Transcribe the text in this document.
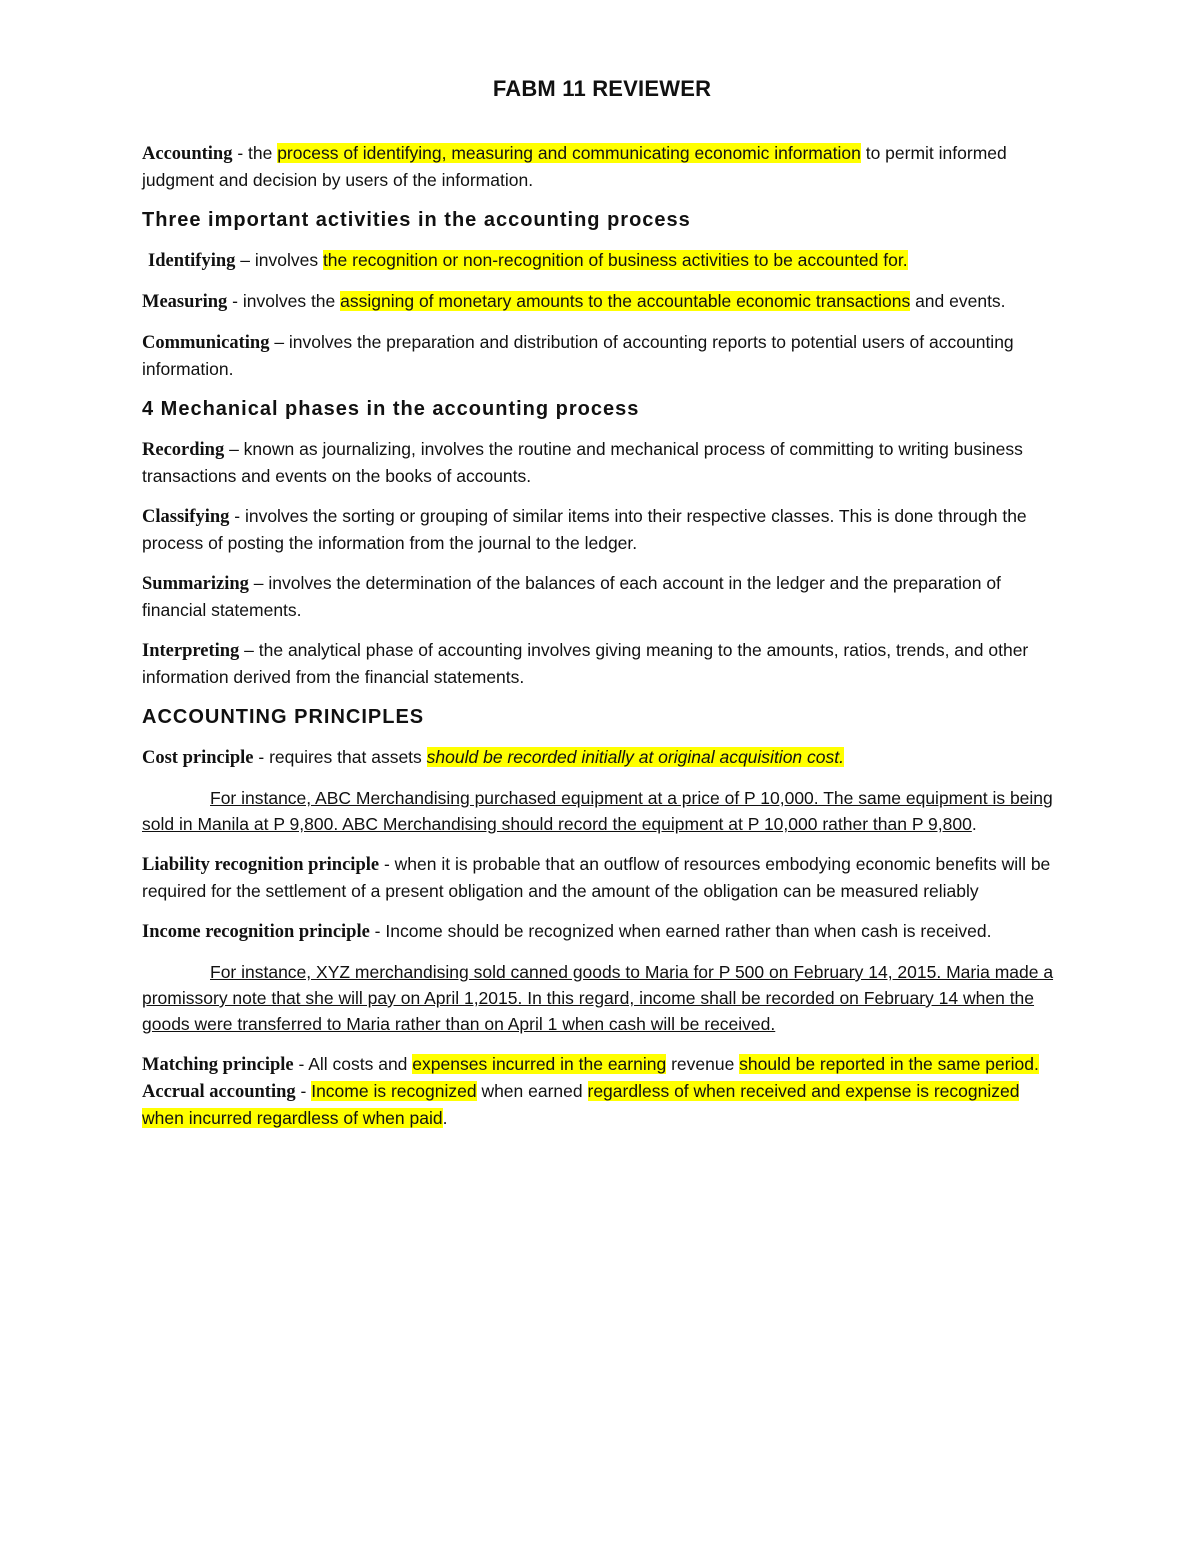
FABM 11 REVIEWER

Accounting - the process of identifying, measuring and communicating economic information to permit informed judgment and decision by users of the information.

Three important activities in the accounting process

Identifying – involves the recognition or non-recognition of business activities to be accounted for.

Measuring - involves the assigning of monetary amounts to the accountable economic transactions and events.

Communicating – involves the preparation and distribution of accounting reports to potential users of accounting information.

4 Mechanical phases in the accounting process

Recording – known as journalizing, involves the routine and mechanical process of committing to writing business transactions and events on the books of accounts.

Classifying - involves the sorting or grouping of similar items into their respective classes. This is done through the process of posting the information from the journal to the ledger.

Summarizing – involves the determination of the balances of each account in the ledger and the preparation of financial statements.

Interpreting – the analytical phase of accounting involves giving meaning to the amounts, ratios, trends, and other information derived from the financial statements.

ACCOUNTING PRINCIPLES

Cost principle - requires that assets should be recorded initially at original acquisition cost.

For instance, ABC Merchandising purchased equipment at a price of P 10,000. The same equipment is being sold in Manila at P 9,800. ABC Merchandising should record the equipment at P 10,000 rather than P 9,800.

Liability recognition principle - when it is probable that an outflow of resources embodying economic benefits will be required for the settlement of a present obligation and the amount of the obligation can be measured reliably

Income recognition principle - Income should be recognized when earned rather than when cash is received.

For instance, XYZ merchandising sold canned goods to Maria for P 500 on February 14, 2015. Maria made a promissory note that she will pay on April 1,2015. In this regard, income shall be recorded on February 14 when the goods were transferred to Maria rather than on April 1 when cash will be received.

Matching principle - All costs and expenses incurred in the earning revenue should be reported in the same period.

Accrual accounting - Income is recognized when earned regardless of when received and expense is recognized when incurred regardless of when paid.
